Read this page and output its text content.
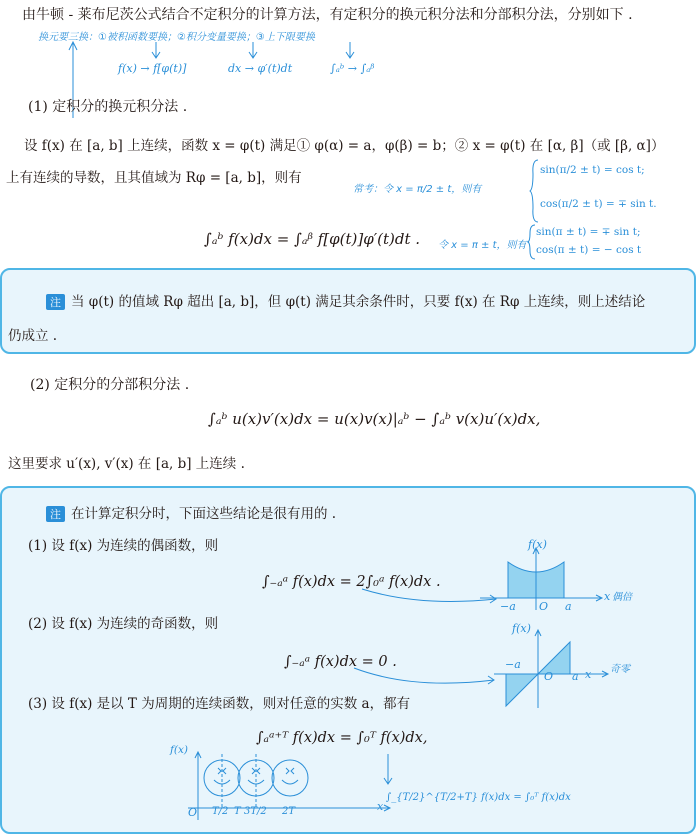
由牛顿 - 莱布尼茨公式结合不定积分的计算方法，有定积分的换元积分法和分部积分法，分别如下 .
换元要三换：①被积函数要换；②积分变量要换；③上下限要换
f(x) → f[φ(t)]	dx → φ′(t)dt	∫ₐᵇ → ∫ₐᵝ
(1) 定积分的换元积分法 .
设 f(x) 在 [a, b] 上连续，函数 x = φ(t) 满足① φ(α) = a，φ(β) = b；② x = φ(t) 在 [α, β]（或 [β, α]）
上有连续的导数，且其值域为 Rφ = [a, b]，则有
常考：令 x = π/2 ± t，则有
sin(π/2 ± t) = cos t;
cos(π/2 ± t) = ∓ sin t.
令 x = π ± t，则有
sin(π ± t) = ∓ sin t;
cos(π ± t) = − cos t
∫ₐᵇ f(x)dx = ∫ₐᵝ f[φ(t)]φ′(t)dt .
注 当 φ(t) 的值域 Rφ 超出 [a, b]，但 φ(t) 满足其余条件时，只要 f(x) 在 Rφ 上连续，则上述结论
仍成立 .
(2) 定积分的分部积分法 .
∫ₐᵇ u(x)v′(x)dx = u(x)v(x)|ₐᵇ − ∫ₐᵇ v(x)u′(x)dx,
这里要求 u′(x), v′(x) 在 [a, b] 上连续 .
注 在计算定积分时，下面这些结论是很有用的 .
(1) 设 f(x) 为连续的偶函数，则
∫₋ₐᵃ f(x)dx = 2∫₀ᵃ f(x)dx .
(2) 设 f(x) 为连续的奇函数，则
∫₋ₐᵃ f(x)dx = 0 .
(3) 设 f(x) 是以 T 为周期的连续函数，则对任意的实数 a，都有
∫ₐᵃ⁺ᵀ f(x)dx = ∫₀ᵀ f(x)dx,
f(x)
x
−a O a
偶倍
f(x)
x
−a
O a
奇零
f(x)
x
O T/2 T 3T/2 2T
∫_{T/2}^{T/2+T} f(x)dx = ∫₀ᵀ f(x)dx
